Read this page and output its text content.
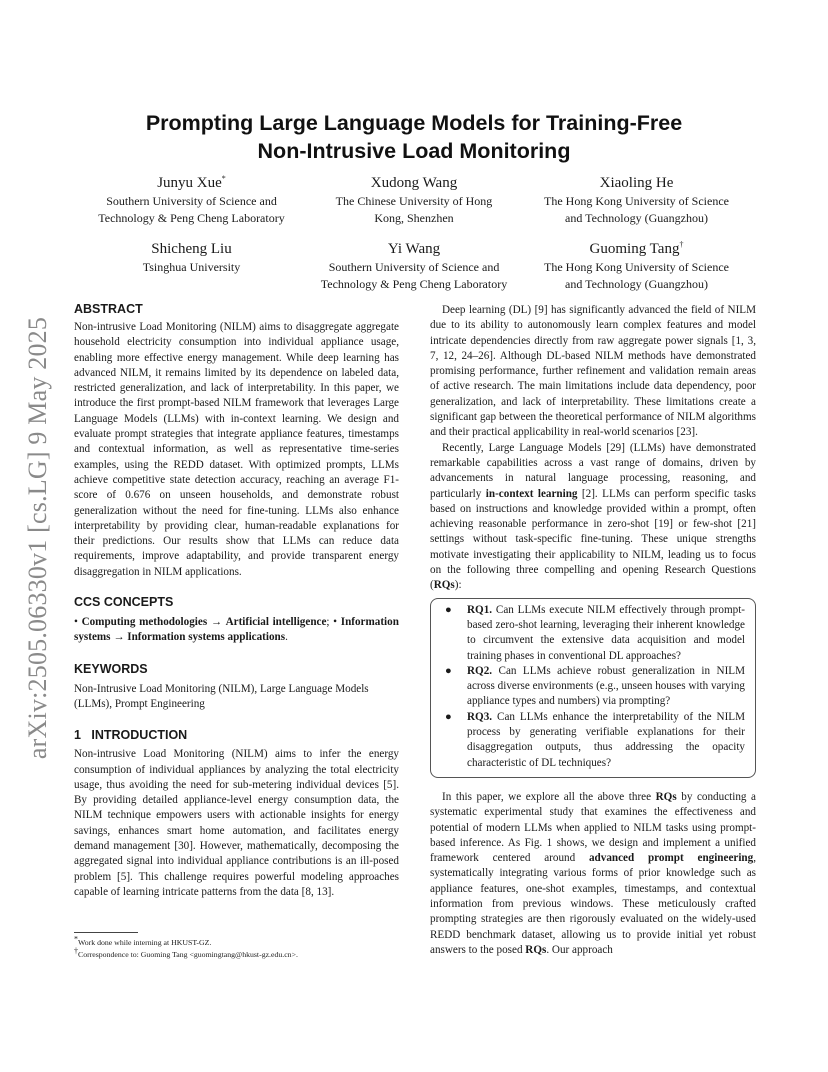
Prompting Large Language Models for Training-Free
Non-Intrusive Load Monitoring
Junyu Xue*
Southern University of Science and
Technology & Peng Cheng Laboratory
Xudong Wang
The Chinese University of Hong
Kong, Shenzhen
Xiaoling He
The Hong Kong University of Science
and Technology (Guangzhou)
Shicheng Liu
Tsinghua University
Yi Wang
Southern University of Science and
Technology & Peng Cheng Laboratory
Guoming Tang†
The Hong Kong University of Science
and Technology (Guangzhou)
arXiv:2505.06330v1 [cs.LG] 9 May 2025
ABSTRACT

Non-intrusive Load Monitoring (NILM) aims to disaggregate aggregate household electricity consumption into individual appliance usage, enabling more effective energy management. While deep learning has advanced NILM, it remains limited by its dependence on labeled data, restricted generalization, and lack of interpretability. In this paper, we introduce the first prompt-based NILM framework that leverages Large Language Models (LLMs) with in-context learning. We design and evaluate prompt strategies that integrate appliance features, timestamps and contextual information, as well as representative time-series examples, using the REDD dataset. With optimized prompts, LLMs achieve competitive state detection accuracy, reaching an average F1-score of 0.676 on unseen households, and demonstrate robust generalization without the need for fine-tuning. LLMs also enhance interpretability by providing clear, human-readable explanations for their predictions. Our results show that LLMs can reduce data requirements, improve adaptability, and provide transparent energy disaggregation in NILM applications.

CCS CONCEPTS

• Computing methodologies → Artificial intelligence; • Information systems → Information systems applications.

KEYWORDS

Non-Intrusive Load Monitoring (NILM), Large Language Models (LLMs), Prompt Engineering

1 INTRODUCTION

Non-intrusive Load Monitoring (NILM) aims to infer the energy consumption of individual appliances by analyzing the total electricity usage, thus avoiding the need for sub-metering individual devices [5]. By providing detailed appliance-level energy consumption data, the NILM technique empowers users with actionable insights for energy savings, enhances smart home automation, and facilitates energy demand management [30]. However, mathematically, decomposing the aggregated signal into individual appliance contributions is an ill-posed problem [5]. This challenge requires powerful modeling approaches capable of learning intricate patterns from the data [8, 13].

*Work done while interning at HKUST-GZ.
†Correspondence to: Guoming Tang <guomingtang@hkust-gz.edu.cn>.

Deep learning (DL) [9] has significantly advanced the field of NILM due to its ability to autonomously learn complex features and model intricate dependencies directly from raw aggregate power signals [1, 3, 7, 12, 24–26]. Although DL-based NILM methods have demonstrated promising performance, further refinement and validation remain areas of active research. The main limitations include data dependency, poor generalization, and lack of interpretability. These limitations create a significant gap between the theoretical performance of NILM algorithms and their practical applicability in real-world scenarios [23].

Recently, Large Language Models [29] (LLMs) have demonstrated remarkable capabilities across a vast range of domains, driven by advancements in natural language processing, reasoning, and particularly in-context learning [2]. LLMs can perform specific tasks based on instructions and knowledge provided within a prompt, often achieving reasonable performance in zero-shot [19] or few-shot [21] settings without task-specific fine-tuning. These unique strengths motivate investigating their applicability to NILM, leading us to focus on the following three compelling and opening Research Questions (RQs):

●	RQ1. Can LLMs execute NILM effectively through prompt-based zero-shot learning, leveraging their inherent knowledge to circumvent the extensive data acquisition and model training phases in conventional DL approaches?
●	RQ2. Can LLMs achieve robust generalization in NILM across diverse environments (e.g., unseen houses with varying appliance types and numbers) via prompting?
●	RQ3. Can LLMs enhance the interpretability of the NILM process by generating verifiable explanations for their disaggregation outputs, thus addressing the opacity characteristic of DL techniques?

In this paper, we explore all the above three RQs by conducting a systematic experimental study that examines the effectiveness and potential of modern LLMs when applied to NILM tasks using prompt-based inference. As Fig. 1 shows, we design and implement a unified framework centered around advanced prompt engineering, systematically integrating various forms of prior knowledge such as appliance features, one-shot examples, timestamps, and contextual information from previous windows. These meticulously crafted prompting strategies are then rigorously evaluated on the widely-used REDD benchmark dataset, allowing us to provide initial yet robust answers to the posed RQs. Our approach
